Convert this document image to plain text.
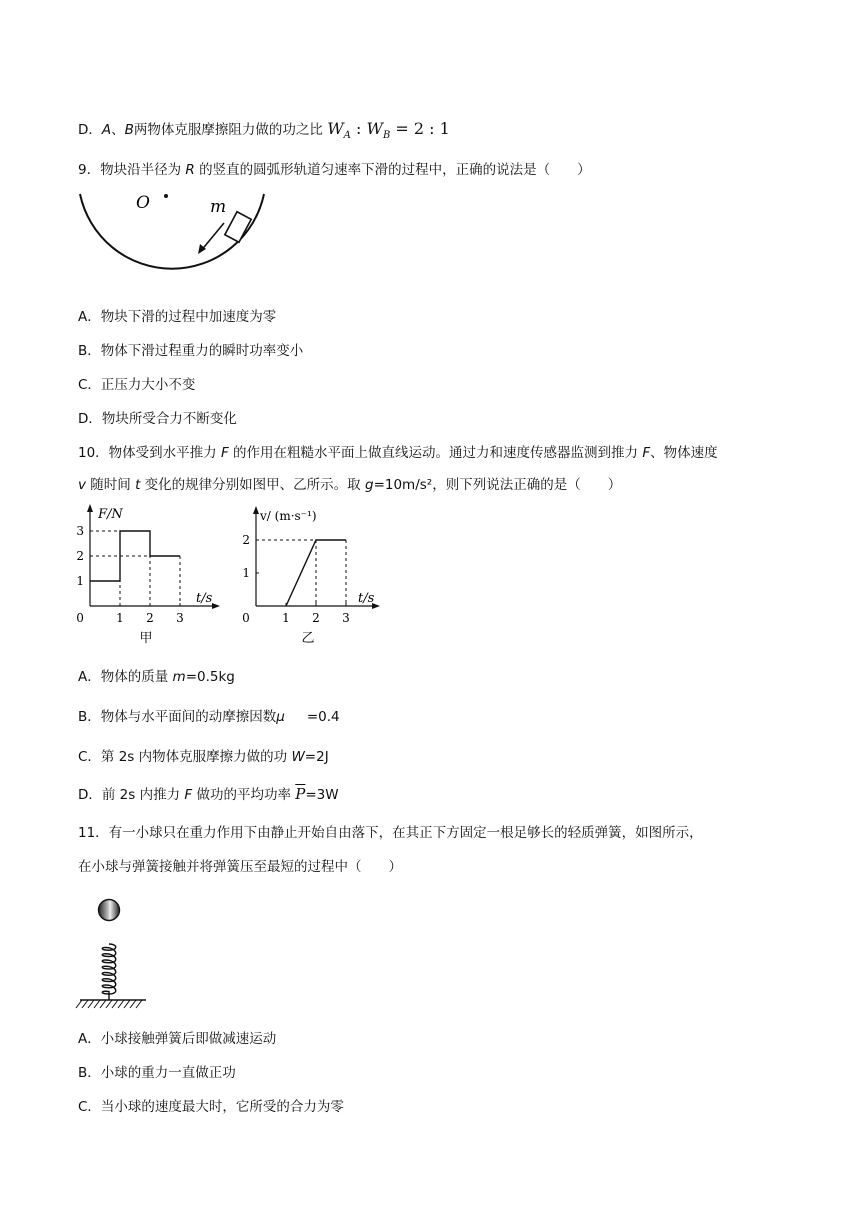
D．A、B两物体克服摩擦阻力做的功之比 $W_A$ : $W_B = 2$ : 1
9．物块沿半径为 R 的竖直的圆弧形轨道匀速率下滑的过程中，正确的说法是（　　）
O	m
A．物块下滑的过程中加速度为零
B．物体下滑过程重力的瞬时功率变小
C．正压力大小不变
D．物块所受合力不断变化
10．物体受到水平推力 F 的作用在粗糙水平面上做直线运动。通过力和速度传感器监测到推力 F、物体速度
v 随时间 t 变化的规律分别如图甲、乙所示。取 g=10m/s²，则下列说法正确的是（　　）
F/N
t/s
甲
0	1 2 3
1
2
3
v/ (m·s⁻¹)
t/s
乙
0	1 2 3
1
2
A．物体的质量 m=0.5kg
B．物体与水平面间的动摩擦因数μ =0.4
C．第 2s 内物体克服摩擦力做的功 W=2J
D．前 2s 内推力 F 做功的平均功率 $\overline{P}=3W$
11．有一小球只在重力作用下由静止开始自由落下，在其正下方固定一根足够长的轻质弹簧，如图所示，
在小球与弹簧接触并将弹簧压至最短的过程中（　　）
A．小球接触弹簧后即做减速运动
B．小球的重力一直做正功
C．当小球的速度最大时，它所受的合力为零
